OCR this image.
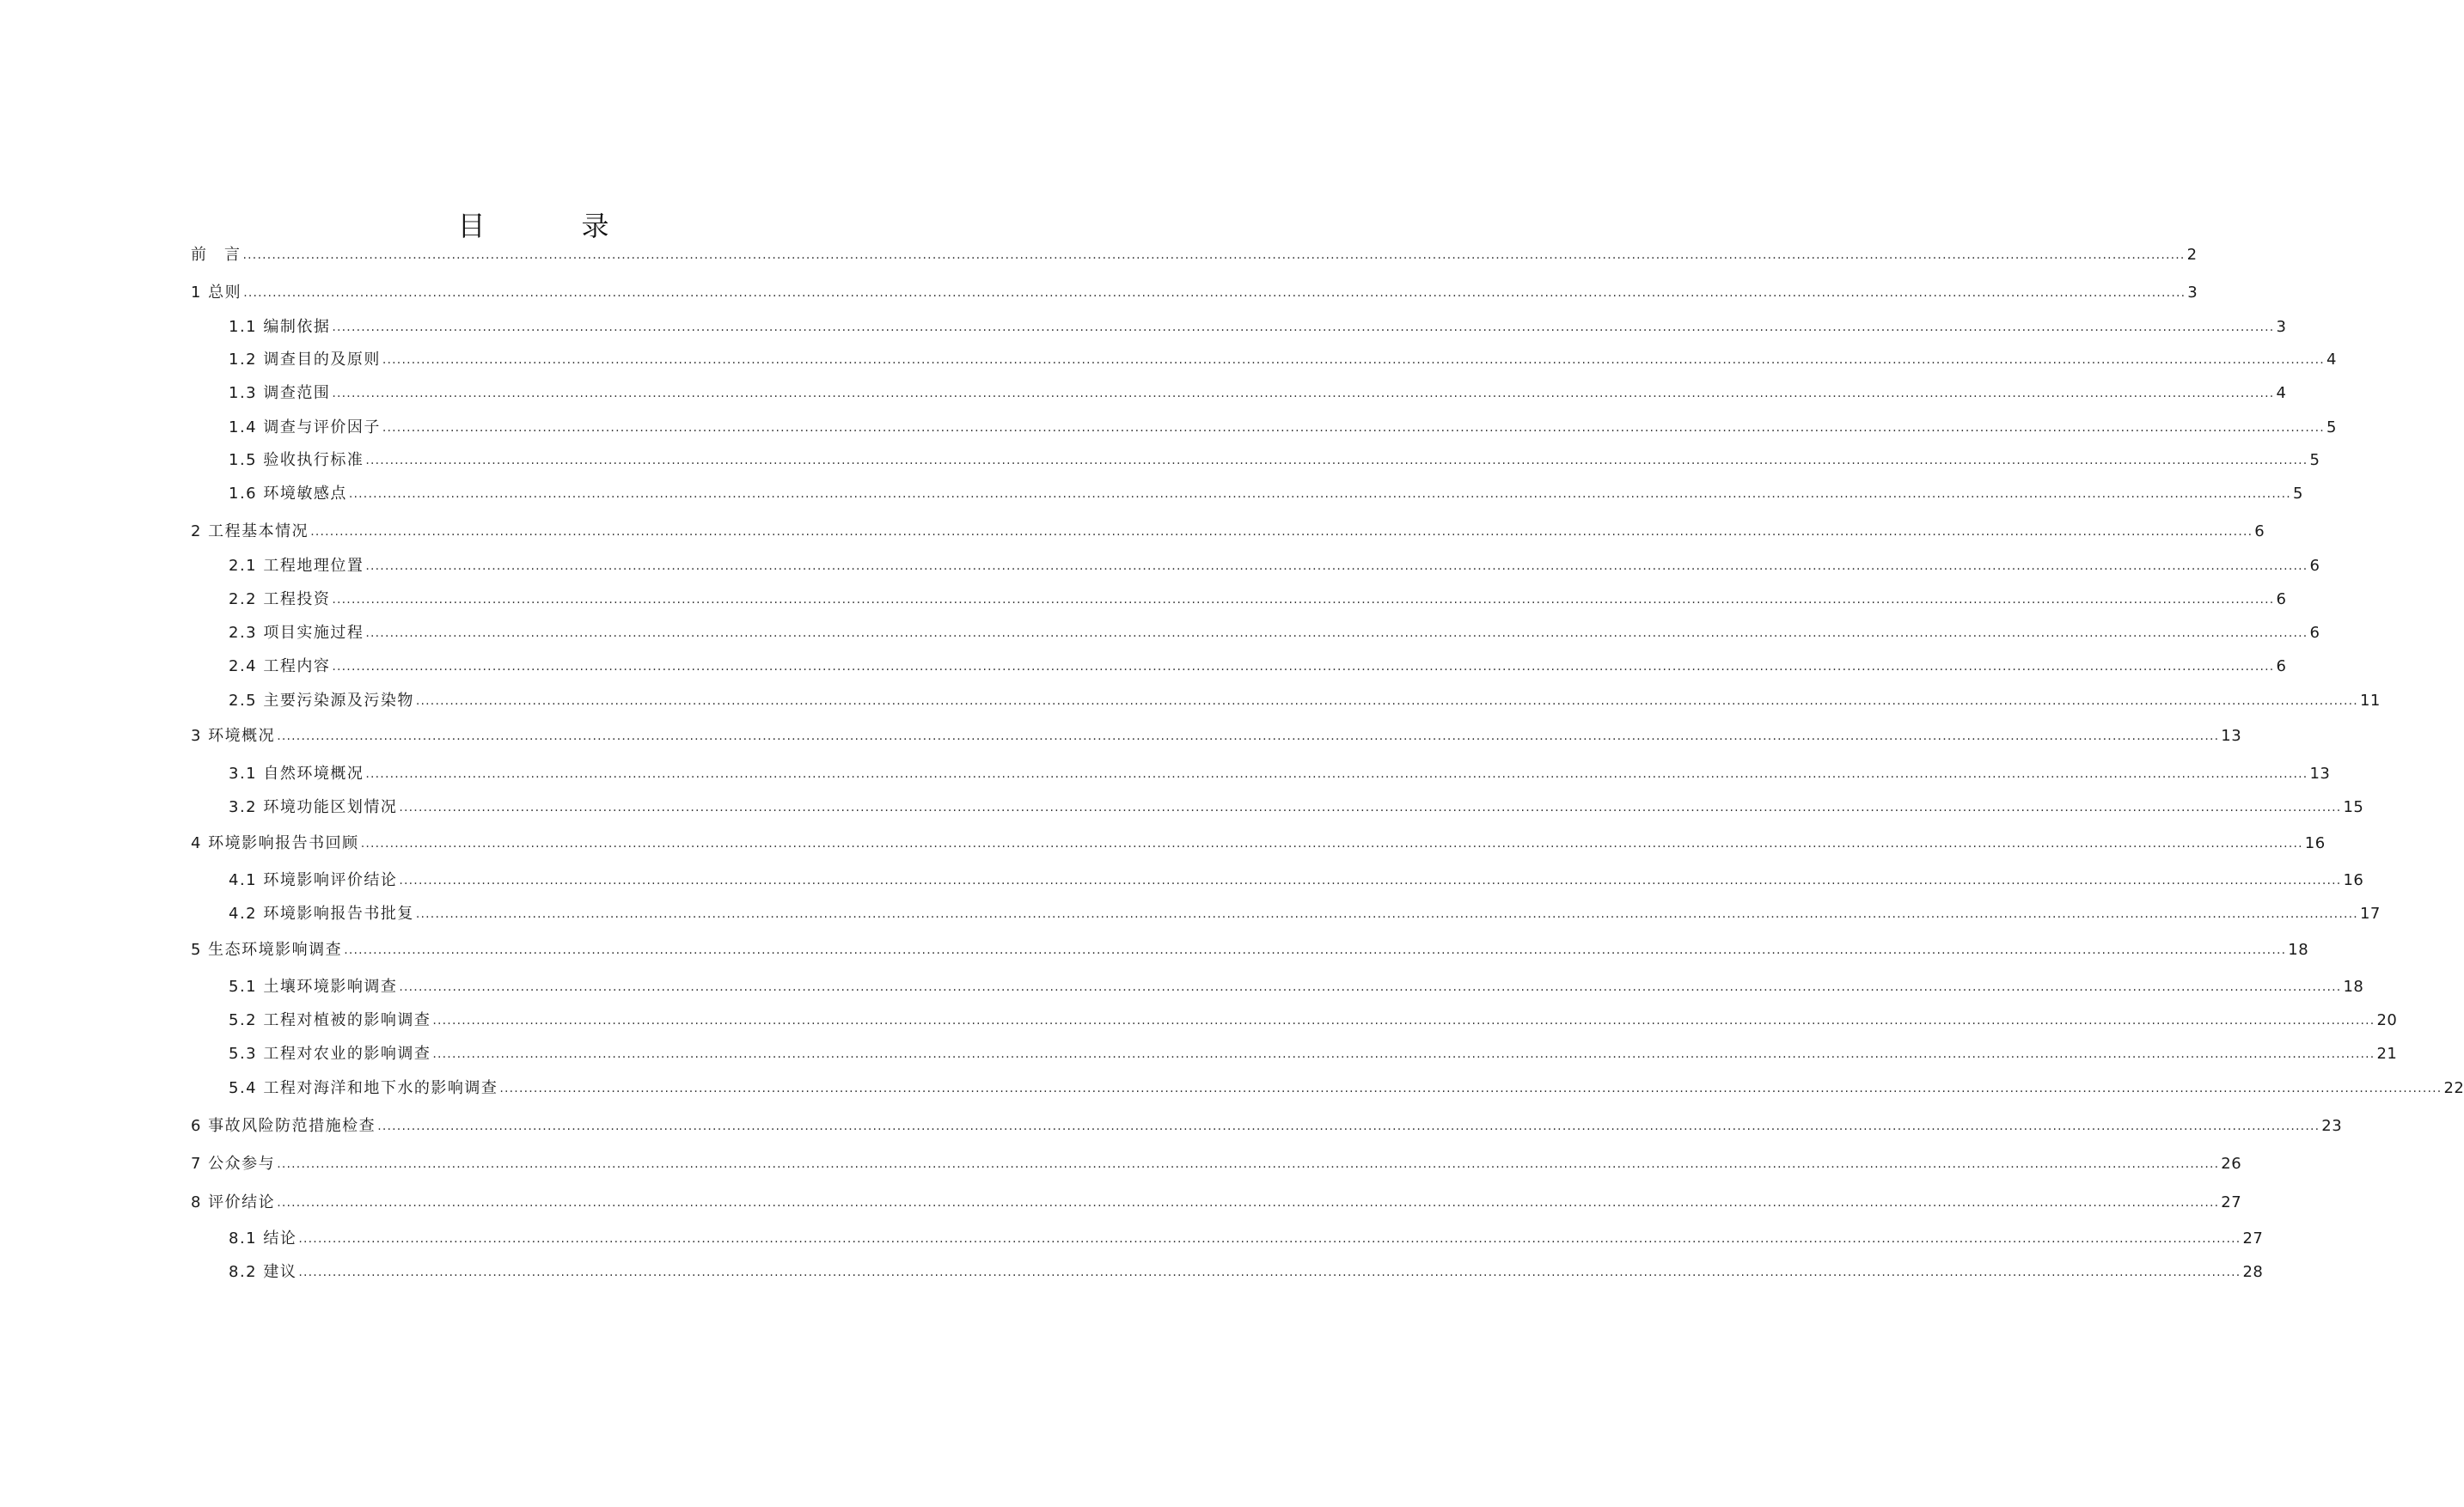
目　录
前　言 ................................................................................................................................................................................................................................................................................................................................................................................................................ 2
1 总则 ................................................................................................................................................................................................................................................................................................................................................................................................................ 3
1.1 编制依据 ................................................................................................................................................................................................................................................................................................................................................................................................................ 3
1.2 调查目的及原则 ................................................................................................................................................................................................................................................................................................................................................................................................................ 4
1.3 调查范围 ................................................................................................................................................................................................................................................................................................................................................................................................................ 4
1.4 调查与评价因子 ................................................................................................................................................................................................................................................................................................................................................................................................................ 5
1.5 验收执行标准 ................................................................................................................................................................................................................................................................................................................................................................................................................ 5
1.6 环境敏感点 ................................................................................................................................................................................................................................................................................................................................................................................................................ 5
2 工程基本情况 ................................................................................................................................................................................................................................................................................................................................................................................................................ 6
2.1 工程地理位置 ................................................................................................................................................................................................................................................................................................................................................................................................................ 6
2.2 工程投资 ................................................................................................................................................................................................................................................................................................................................................................................................................ 6
2.3 项目实施过程 ................................................................................................................................................................................................................................................................................................................................................................................................................ 6
2.4 工程内容 ................................................................................................................................................................................................................................................................................................................................................................................................................ 6
2.5 主要污染源及污染物 ................................................................................................................................................................................................................................................................................................................................................................................................................ 11
3 环境概况 ................................................................................................................................................................................................................................................................................................................................................................................................................ 13
3.1 自然环境概况 ................................................................................................................................................................................................................................................................................................................................................................................................................ 13
3.2 环境功能区划情况 ................................................................................................................................................................................................................................................................................................................................................................................................................ 15
4 环境影响报告书回顾 ................................................................................................................................................................................................................................................................................................................................................................................................................ 16
4.1 环境影响评价结论 ................................................................................................................................................................................................................................................................................................................................................................................................................ 16
4.2 环境影响报告书批复 ................................................................................................................................................................................................................................................................................................................................................................................................................ 17
5 生态环境影响调查 ................................................................................................................................................................................................................................................................................................................................................................................................................ 18
5.1 土壤环境影响调查 ................................................................................................................................................................................................................................................................................................................................................................................................................ 18
5.2 工程对植被的影响调查 ................................................................................................................................................................................................................................................................................................................................................................................................................ 20
5.3 工程对农业的影响调查 ................................................................................................................................................................................................................................................................................................................................................................................................................ 21
5.4 工程对海洋和地下水的影响调查 ................................................................................................................................................................................................................................................................................................................................................................................................................ 22
6 事故风险防范措施检查 ................................................................................................................................................................................................................................................................................................................................................................................................................ 23
7 公众参与 ................................................................................................................................................................................................................................................................................................................................................................................................................ 26
8 评价结论 ................................................................................................................................................................................................................................................................................................................................................................................................................ 27
8.1 结论 ................................................................................................................................................................................................................................................................................................................................................................................................................ 27
8.2 建议 ................................................................................................................................................................................................................................................................................................................................................................................................................ 28
